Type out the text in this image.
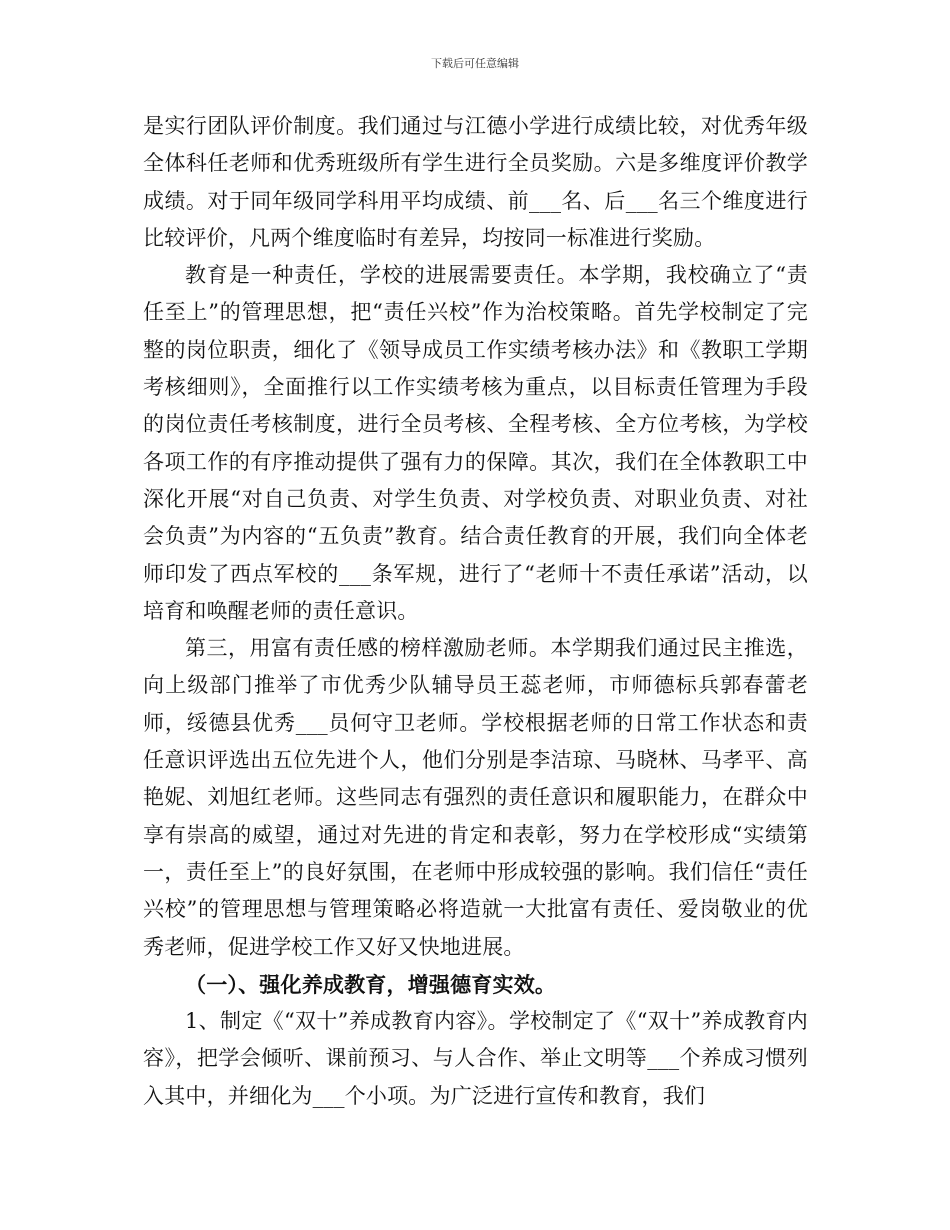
下载后可任意编辑

是实行团队评价制度。我们通过与江德小学进行成绩比较，对优秀年级全体科任老师和优秀班级所有学生进行全员奖励。六是多维度评价教学成绩。对于同年级同学科用平均成绩、前___名、后___名三个维度进行比较评价，凡两个维度临时有差异，均按同一标准进行奖励。

教育是一种责任，学校的进展需要责任。本学期，我校确立了“责任至上”的管理思想，把“责任兴校”作为治校策略。首先学校制定了完整的岗位职责，细化了《领导成员工作实绩考核办法》和《教职工学期考核细则》，全面推行以工作实绩考核为重点，以目标责任管理为手段的岗位责任考核制度，进行全员考核、全程考核、全方位考核，为学校各项工作的有序推动提供了强有力的保障。其次，我们在全体教职工中深化开展“对自己负责、对学生负责、对学校负责、对职业负责、对社会负责”为内容的“五负责”教育。结合责任教育的开展，我们向全体老师印发了西点军校的___条军规，进行了“老师十不责任承诺”活动，以培育和唤醒老师的责任意识。

第三，用富有责任感的榜样激励老师。本学期我们通过民主推选，向上级部门推举了市优秀少队辅导员王蕊老师，市师德标兵郭春蕾老师，绥德县优秀___员何守卫老师。学校根据老师的日常工作状态和责任意识评选出五位先进个人，他们分别是李洁琼、马晓林、马孝平、高艳妮、刘旭红老师。这些同志有强烈的责任意识和履职能力，在群众中享有崇高的威望，通过对先进的肯定和表彰，努力在学校形成“实绩第一，责任至上”的良好氛围，在老师中形成较强的影响。我们信任“责任兴校”的管理思想与管理策略必将造就一大批富有责任、爱岗敬业的优秀老师，促进学校工作又好又快地进展。

（一）、强化养成教育，增强德育实效。

1、制定《“双十”养成教育内容》。学校制定了《“双十”养成教育内容》，把学会倾听、课前预习、与人合作、举止文明等___个养成习惯列入其中，并细化为___个小项。为广泛进行宣传和教育，我们
